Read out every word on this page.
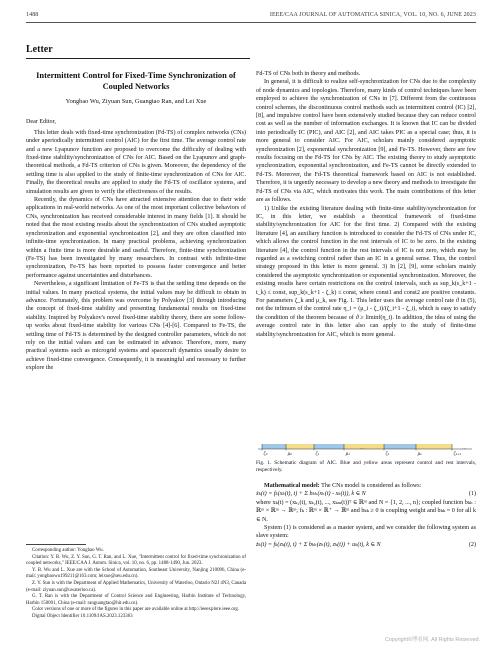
1488	IEEE/CAA JOURNAL OF AUTOMATICA SINICA, VOL. 10, NO. 6, JUNE 2023
Letter
Intermittent Control for Fixed-Time Synchronization of
Coupled Networks
Yongbao Wu, Ziyuan Sun, Guangtao Ran, and Lei Xue

Dear Editor,

This letter deals with fixed-time synchronization (Fd-TS) of complex networks (CNs) under aperiodically intermittent control (AIC) for the first time. The average control rate and a new Lyapunov function are proposed to overcome the difficulty of dealing with fixed-time stability/synchronization of CNs for AIC. Based on the Lyapunov and graph-theoretical methods, a Fd-TS criterion of CNs is given. Moreover, the dependency of the settling time is also applied to the study of finite-time synchronization of CNs for AIC. Finally, the theoretical results are applied to study the Fd-TS of oscillator systems, and simulation results are given to verify the effectiveness of the results.

Recently, the dynamics of CNs have attracted extensive attention due to their wide applications in real-world networks. As one of the most important collective behaviors of CNs, synchronization has received considerable interest in many fields [1]. It should be noted that the most existing results about the synchronization of CNs studied asymptotic synchronization and exponential synchronization [2], and they are often classified into infinite-time synchronization. In many practical problems, achieving synchronization within a finite time is more desirable and useful. Therefore, finite-time synchronization (Fe-TS) has been investigated by many researchers. In contrast with infinite-time synchronization, Fe-TS has been reported to possess faster convergence and better performance against uncertainties and disturbances.

Nevertheless, a significant limitation of Fe-TS is that the settling time depends on the initial values. In many practical systems, the initial values may be difficult to obtain in advance. Fortunately, this problem was overcome by Polyakov [3] through introducing the concept of fixed-time stability and presenting fundamental results on fixed-time stability. Inspired by Polyakov's novel fixed-time stability theory, there are some follow-up works about fixed-time stability for various CNs [4]-[6]. Compared to Fe-TS, the settling time of Fd-TS is determined by the designed controller parameters, which do not rely on the initial values and can be estimated in advance. Therefore, more, many practical systems such as microgrid systems and spacecraft dynamics usually desire to achieve fixed-time convergence. Consequently, it is meaningful and necessary to further explore the

Corresponding author: Yongbao Wu.
Citation: Y. B. Wu, Z. Y. Sun, G. T. Ran, and L. Xue, "Intermittent control for fixed-time synchronization of coupled networks," IEEE/CAA J. Autom. Sinica, vol. 10, no. 6, pp. 1488-1490, Jun. 2023.
Y. B. Wu and L. Xue are with the School of Automation, Southeast University, Nanjing 210096, China (e-mail: yongbaowu199211@163.com; leixue@seu.edu.cn).
Z. Y. Sun is with the Department of Applied Mathematics, University of Waterloo, Ontario N2J 4N3, Canada (e-mail: ziyuan.sun@uwaterloo.ca).
G. T. Ran is with the Department of Control Science and Engineering, Harbin Institute of Technology, Harbin 150001, China (e-mail: ranguangtao@hit.edu.cn).
Color versions of one or more of the figures in this paper are available online at http://ieeexplore.ieee.org.
Digital Object Identifier 10.1109/JAS.2023.123363

Fd-TS of CNs both in theory and methods.

In general, it is difficult to realize self-synchronization for CNs due to the complexity of node dynamics and topologies. Therefore, many kinds of control techniques have been employed to achieve the synchronization of CNs in [7]. Different from the continuous control schemes, the discontinuous control methods such as intermittent control (IC) [2], [8], and impulsive control have been extensively studied because they can reduce control cost as well as the number of information exchanges. It is known that IC can be divided into periodically IC (PIC), and AIC [2], and AIC takes PIC as a special case; thus, it is more general to consider AIC. For AIC, scholars mainly considered asymptotic synchronization [2], exponential synchronization [9], and Fe-TS. However, there are few results focusing on the Fd-TS for CNs by AIC. The existing theory to study asymptotic synchronization, exponential synchronization, and Fe-TS cannot be directly extended to Fd-TS. Moreover, the Fd-TS theoretical framework based on AIC is not established. Therefore, it is urgently necessary to develop a new theory and methods to investigate the Fd-TS of CNs via AIC, which motivates this work. The main contributions of this letter are as follows.

1) Unlike the existing literature dealing with finite-time stability/synchronization for IC, in this letter, we establish a theoretical framework of fixed-time stability/synchronization for AIC for the first time. 2) Compared with the existing literature [4], an auxiliary function is introduced to consider the Fd-TS of CNs under IC, which allows the control function in the rest intervals of IC to be zero. In the existing literature [4], the control function in the rest intervals of IC is not zero, which may be regarded as a switching control rather than an IC in a general sense. Thus, the control strategy proposed in this letter is more general. 3) In [2], [9], some scholars mainly considered the asymptotic synchronization or exponential synchronization. Moreover, the existing results have certain restrictions on the control intervals, such as sup_k(s_k+1 - t_k) ≤ const, sup_k(s_k+1 - ζ_k) ≤ const, where const1 and const2 are positive constants. For parameters ζ_k and μ_k, see Fig. 1. This letter uses the average control rate ϑ in (5), not the infimum of the control rate η_i = (μ_i - ζ_i)/(ζ_i+1 - ζ_i), which is easy to satisfy the condition of the theorem because of ϑ ≥ liminf(η_i). In addition, the idea of using the average control rate in this letter also can apply to the study of finite-time stability/synchronization for AIC, which is more general.

ζ₀	μ₀	ζ₁	μ₁	ζₖ	μₖ	ζₖ₊₁
…	…
Fig. 1. Schematic diagram of AIC. Blue and yellow areas represent control and rest intervals, respectively.

Mathematical model: The CNs model is considered as follows:

ẋₖ(t) = fₖ(xₖ(t), t) + Σ bₖₕ(xₕ(t) - xₖ(t)), k ∈ N	(1)

where xₖ(t) = (xₖ₁(t), xₖ₂(t), ..., xₖₘ(t))ᵀ ∈ ℝᵐ and N = {1, 2, ..., n}; coupled function bₖₕ : ℝᵐ × ℝᵐ → ℝᵐ; fₖ : ℝᵐ × ℝ⁺ → ℝᵐ and bₖₖ ≥ 0 is coupling weight and bₖₖ = 0 for all k ∈ N.

System (1) is considered as a master system, and we consider the following system as slave system:

żₖ(t) = fₖ(zₖ(t), t) + Σ bₖₕ(zₕ(t), zₖ(t)) + uₖ(t), k ∈ N	(2)
Copyright©博看网. All Rights Reserved.
